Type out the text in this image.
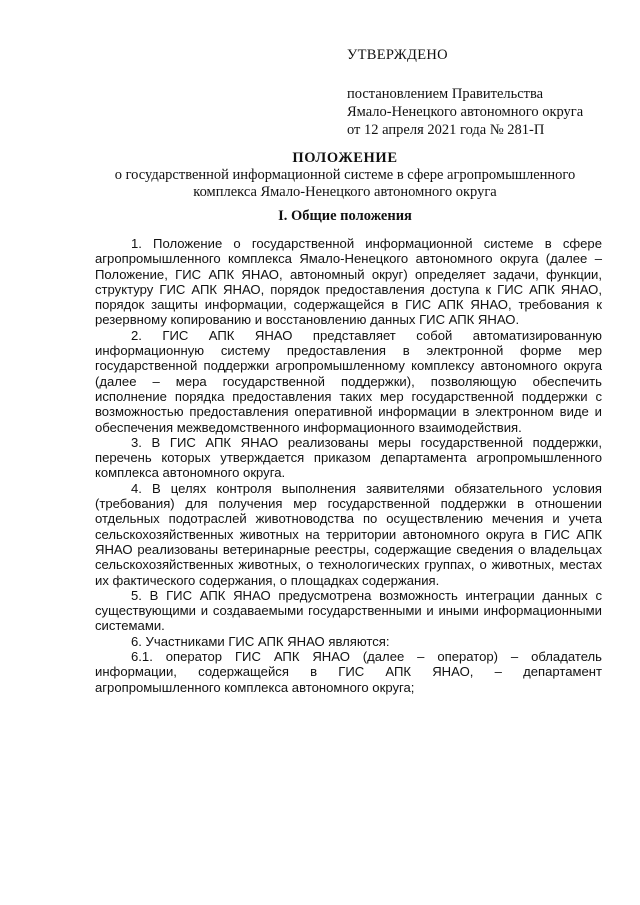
УТВЕРЖДЕНО
постановлением Правительства
Ямало-Ненецкого автономного округа
от 12 апреля 2021 года № 281-П
ПОЛОЖЕНИЕ
о государственной информационной системе в сфере агропромышленного
комплекса Ямало-Ненецкого автономного округа
I. Общие положения

1. Положение о государственной информационной системе в сфере агропромышленного комплекса Ямало-Ненецкого автономного округа (далее – Положение, ГИС АПК ЯНАО, автономный округ) определяет задачи, функции, структуру ГИС АПК ЯНАО, порядок предоставления доступа к ГИС АПК ЯНАО, порядок защиты информации, содержащейся в ГИС АПК ЯНАО, требования к резервному копированию и восстановлению данных ГИС АПК ЯНАО.

2. ГИС АПК ЯНАО представляет собой автоматизированную информационную систему предоставления в электронной форме мер государственной поддержки агропромышленному комплексу автономного округа (далее – мера государственной поддержки), позволяющую обеспечить исполнение порядка предоставления таких мер государственной поддержки с возможностью предоставления оперативной информации в электронном виде и обеспечения межведомственного информационного взаимодействия.

3. В ГИС АПК ЯНАО реализованы меры государственной поддержки, перечень которых утверждается приказом департамента агропромышленного комплекса автономного округа.

4. В целях контроля выполнения заявителями обязательного условия (требования) для получения мер государственной поддержки в отношении отдельных подотраслей животноводства по осуществлению мечения и учета сельскохозяйственных животных на территории автономного округа в ГИС АПК ЯНАО реализованы ветеринарные реестры, содержащие сведения о владельцах сельскохозяйственных животных, о технологических группах, о животных, местах их фактического содержания, о площадках содержания.

5. В ГИС АПК ЯНАО предусмотрена возможность интеграции данных с существующими и создаваемыми государственными и иными информационными системами.

6. Участниками ГИС АПК ЯНАО являются:

6.1. оператор ГИС АПК ЯНАО (далее – оператор) – обладатель информации, содержащейся в ГИС АПК ЯНАО, – департамент агропромышленного комплекса автономного округа;
